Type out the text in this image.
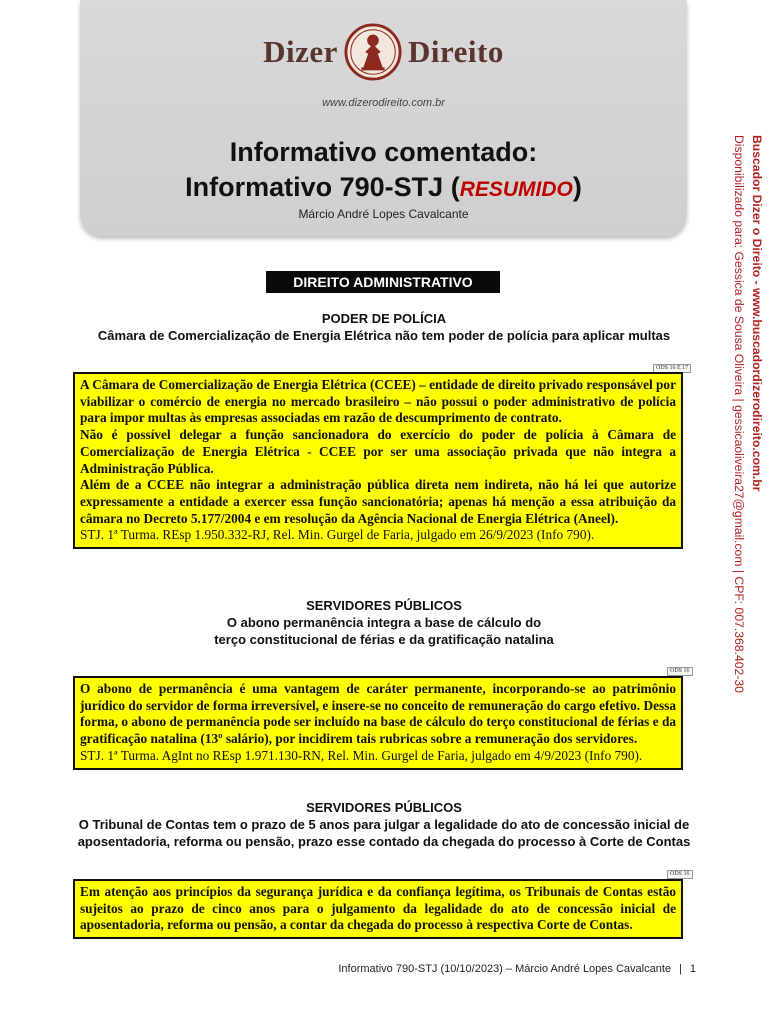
Dizer Direito
www.dizerodireito.com.br
Informativo comentado:
Informativo 790-STJ (RESUMIDO)
Márcio André Lopes Cavalcante	Buscador Dizer o Direito - www.buscadordizerodireito.com.br
Disponibilizado para: Gessica de Sousa Oliveira | gessicaoliveira27@gmail.com | CPF: 007.368.402-30
DIREITO ADMINISTRATIVO
PODER DE POLÍCIA
Câmara de Comercialização de Energia Elétrica não tem poder de polícia para aplicar multas
ODS 16 E 17

A Câmara de Comercialização de Energia Elétrica (CCEE) – entidade de direito privado responsável por viabilizar o comércio de energia no mercado brasileiro – não possui o poder administrativo de polícia para impor multas às empresas associadas em razão de descumprimento de contrato.

Não é possível delegar a função sancionadora do exercício do poder de polícia à Câmara de Comercialização de Energia Elétrica - CCEE por ser uma associação privada que não integra a Administração Pública.

Além de a CCEE não integrar a administração pública direta nem indireta, não há lei que autorize expressamente a entidade a exercer essa função sancionatória; apenas há menção a essa atribuição da câmara no Decreto 5.177/2004 e em resolução da Agência Nacional de Energia Elétrica (Aneel).

STJ. 1ª Turma. REsp 1.950.332-RJ, Rel. Min. Gurgel de Faria, julgado em 26/9/2023 (Info 790).

SERVIDORES PÚBLICOS
O abono permanência integra a base de cálculo do
terço constitucional de férias e da gratificação natalina
ODS 16

O abono de permanência é uma vantagem de caráter permanente, incorporando-se ao patrimônio jurídico do servidor de forma irreversível, e insere-se no conceito de remuneração do cargo efetivo. Dessa forma, o abono de permanência pode ser incluído na base de cálculo do terço constitucional de férias e da gratificação natalina (13º salário), por incidirem tais rubricas sobre a remuneração dos servidores.

STJ. 1ª Turma. AgInt no REsp 1.971.130-RN, Rel. Min. Gurgel de Faria, julgado em 4/9/2023 (Info 790).

SERVIDORES PÚBLICOS
O Tribunal de Contas tem o prazo de 5 anos para julgar a legalidade do ato de concessão inicial de
aposentadoria, reforma ou pensão, prazo esse contado da chegada do processo à Corte de Contas
ODS 16

Em atenção aos princípios da segurança jurídica e da confiança legítima, os Tribunais de Contas estão sujeitos ao prazo de cinco anos para o julgamento da legalidade do ato de concessão inicial de aposentadoria, reforma ou pensão, a contar da chegada do processo à respectiva Corte de Contas.

Informativo 790-STJ (10/10/2023) – Márcio André Lopes Cavalcante | 1
